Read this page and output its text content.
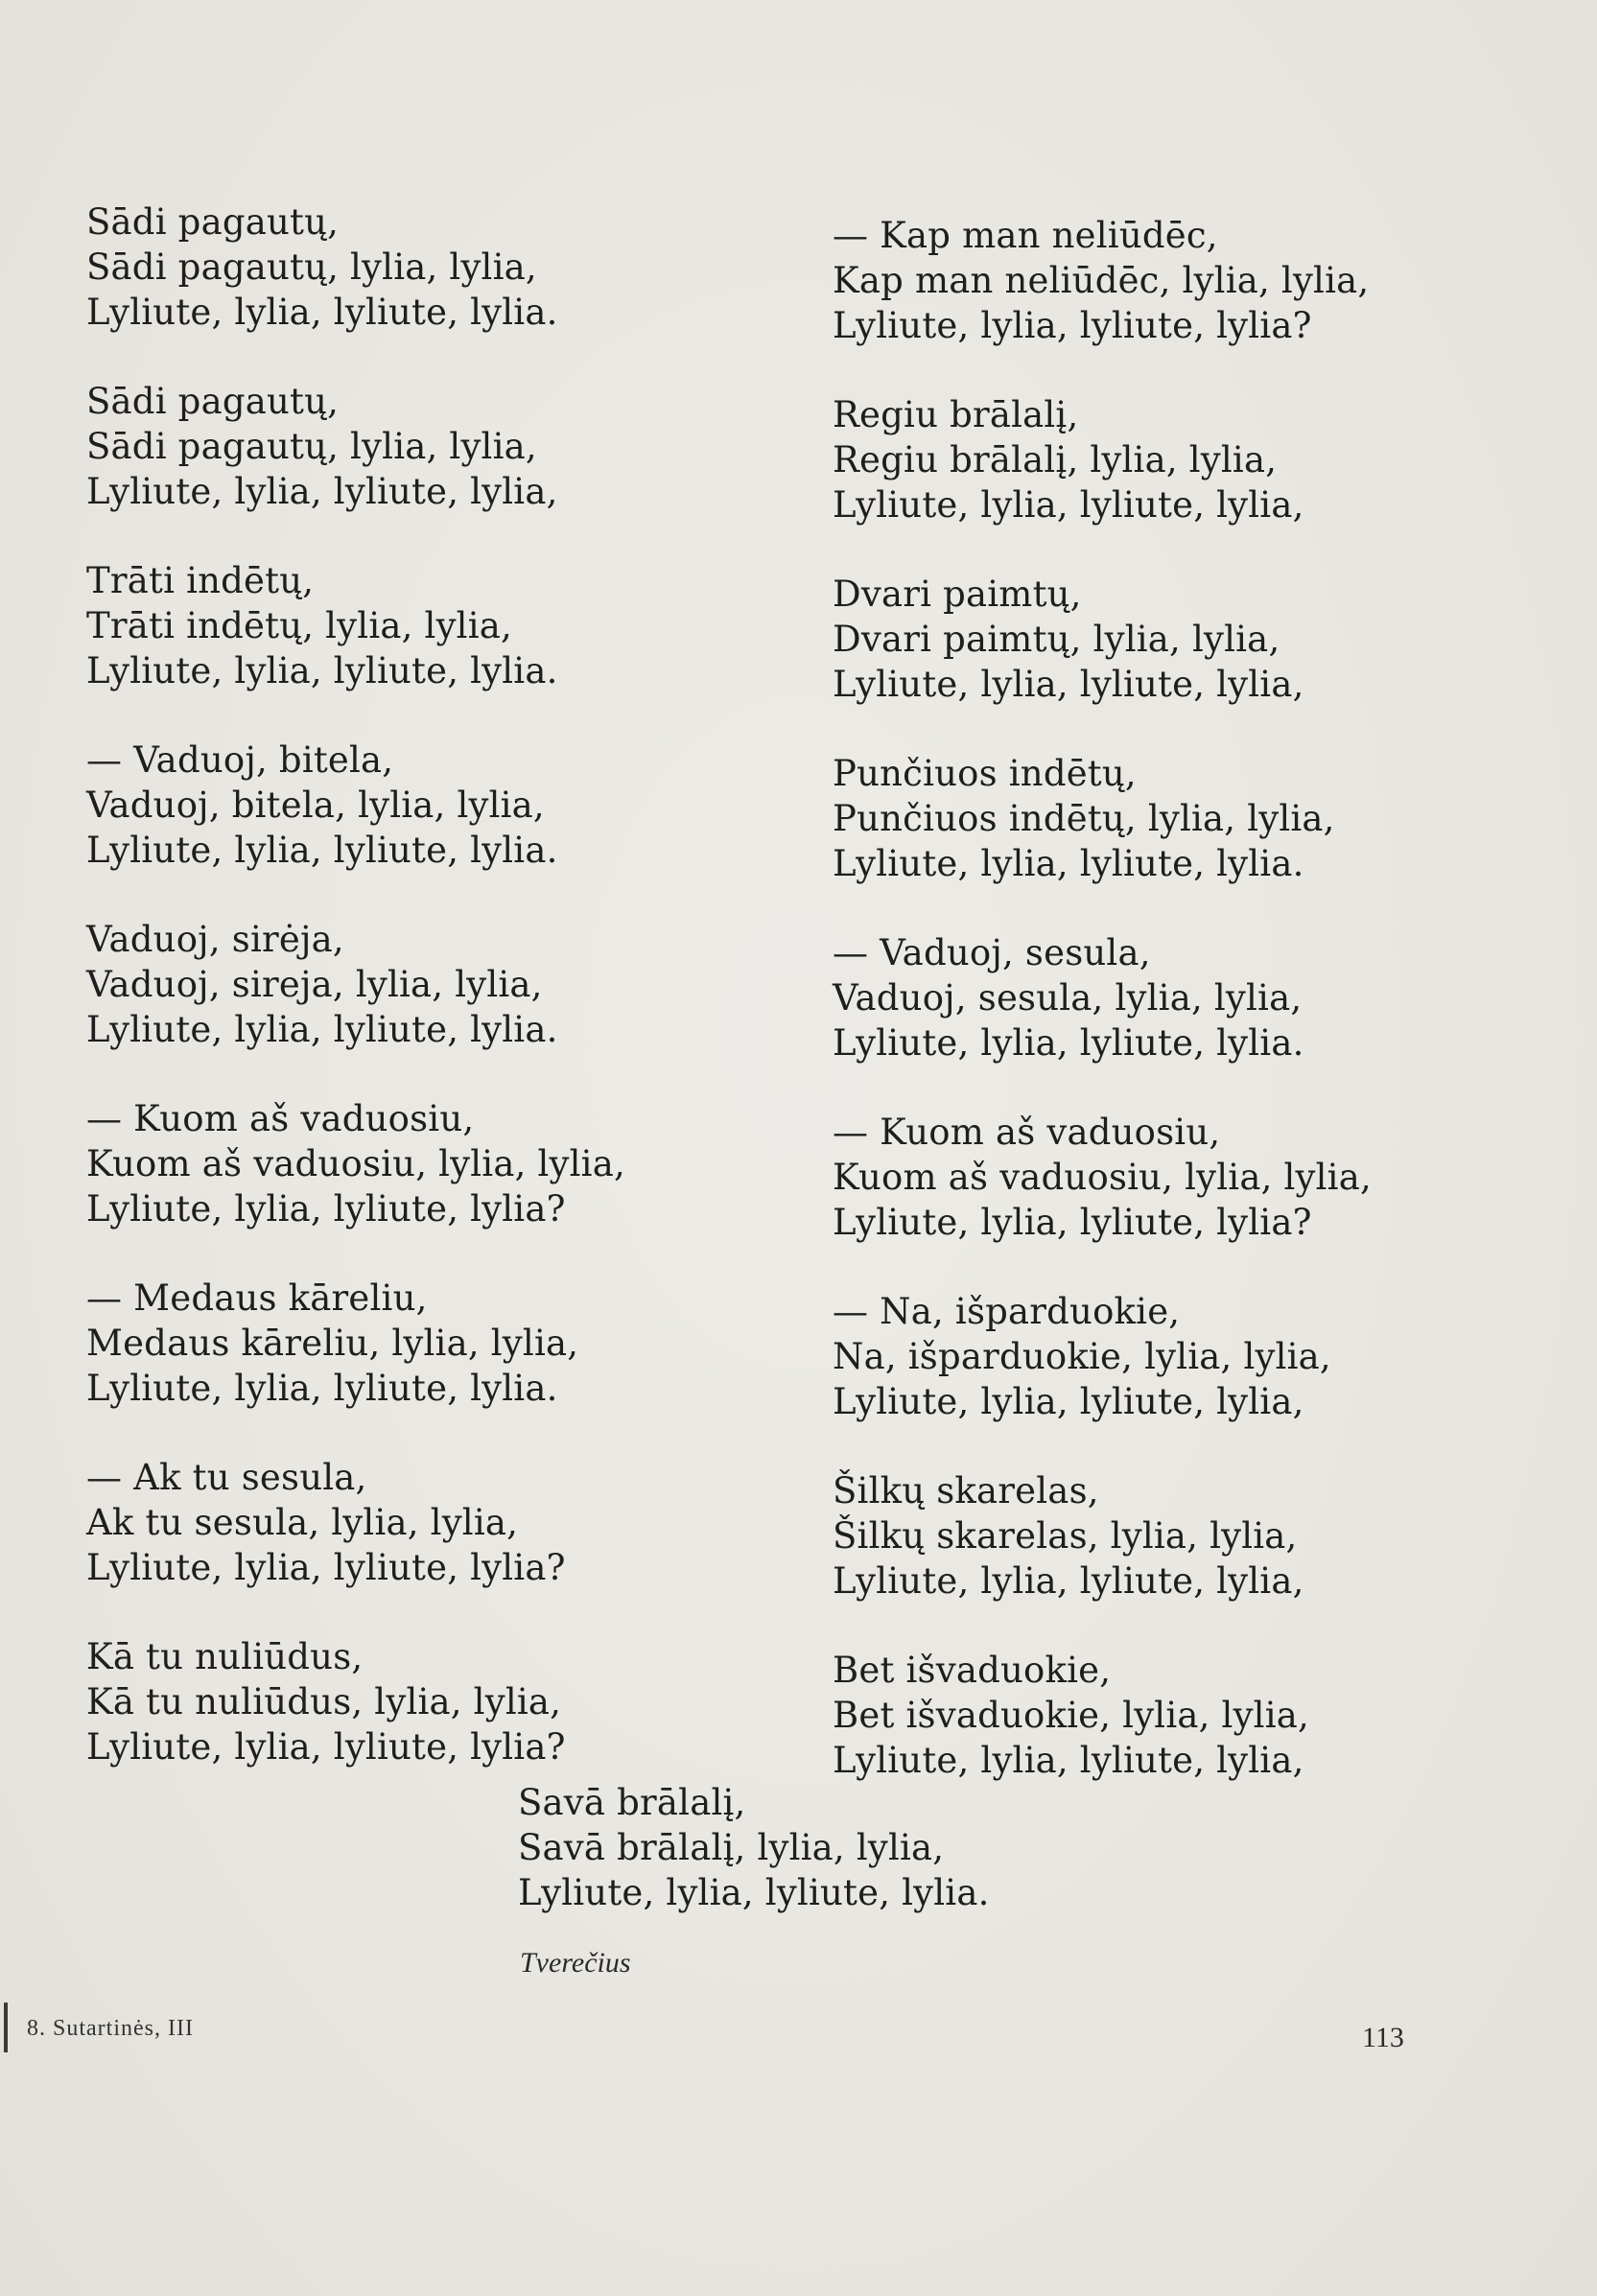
Sādi pagautų,
Sādi pagautų, lylia, lylia,
Lyliute, lylia, lyliute, lylia.
Sādi pagautų,
Sādi pagautų, lylia, lylia,
Lyliute, lylia, lyliute, lylia,
Trāti indētų,
Trāti indētų, lylia, lylia,
Lyliute, lylia, lyliute, lylia.
— Vaduoj, bitela,
Vaduoj, bitela, lylia, lylia,
Lyliute, lylia, lyliute, lylia.
Vaduoj, sirėja,
Vaduoj, sireja, lylia, lylia,
Lyliute, lylia, lyliute, lylia.
— Kuom aš vaduosiu,
Kuom aš vaduosiu, lylia, lylia,
Lyliute, lylia, lyliute, lylia?
— Medaus kāreliu,
Medaus kāreliu, lylia, lylia,
Lyliute, lylia, lyliute, lylia.
— Ak tu sesula,
Ak tu sesula, lylia, lylia,
Lyliute, lylia, lyliute, lylia?
Kā tu nuliūdus,
Kā tu nuliūdus, lylia, lylia,
Lyliute, lylia, lyliute, lylia?
— Kap man neliūdēc,
Kap man neliūdēc, lylia, lylia,
Lyliute, lylia, lyliute, lylia?
Regiu brālalį,
Regiu brālalį, lylia, lylia,
Lyliute, lylia, lyliute, lylia,
Dvari paimtų,
Dvari paimtų, lylia, lylia,
Lyliute, lylia, lyliute, lylia,
Punčiuos indētų,
Punčiuos indētų, lylia, lylia,
Lyliute, lylia, lyliute, lylia.
— Vaduoj, sesula,
Vaduoj, sesula, lylia, lylia,
Lyliute, lylia, lyliute, lylia.
— Kuom aš vaduosiu,
Kuom aš vaduosiu, lylia, lylia,
Lyliute, lylia, lyliute, lylia?
— Na, išparduokie,
Na, išparduokie, lylia, lylia,
Lyliute, lylia, lyliute, lylia,
Šilkų skarelas,
Šilkų skarelas, lylia, lylia,
Lyliute, lylia, lyliute, lylia,
Bet išvaduokie,
Bet išvaduokie, lylia, lylia,
Lyliute, lylia, lyliute, lylia,
Savā brālalį,
Savā brālalį, lylia, lylia,
Lyliute, lylia, lyliute, lylia.
Tverečius
8. Sutartinės, III	113
